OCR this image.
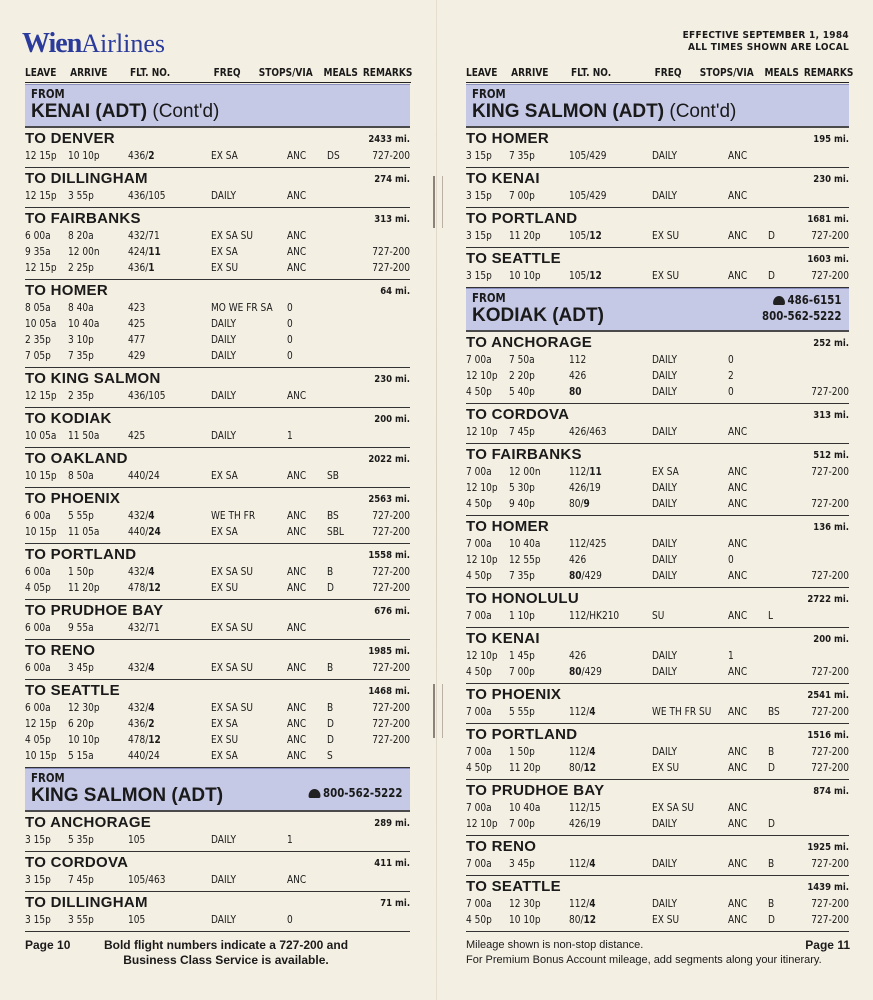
WienAirlines
LEAVE ARRIVE FLT. NO.	FREQ STOPS/VIA MEALS REMARKS
FROM
KENAI (ADT) (Cont'd)
TO DENVER	2433 mi.
12 15p 10 10p	436/2	EX SA	ANC DS	727-200
TO DILLINGHAM	274 mi.
12 15p 3 55p	436/105	DAILY	ANC
TO FAIRBANKS	313 mi.
6 00a 8 20a	432/71	EX SA SU	ANC
9 35a 12 00n	424/11	EX SA	ANC	727-200
12 15p 2 25p	436/1	EX SU	ANC	727-200
TO HOMER	64 mi.
8 05a 8 40a	423	MO WE FR SA 0
10 05a 10 40a	425	DAILY	0
2 35p 3 10p	477	DAILY	0
7 05p 7 35p	429	DAILY	0
TO KING SALMON	230 mi.
12 15p 2 35p	436/105	DAILY	ANC
TO KODIAK	200 mi.
10 05a 11 50a	425	DAILY	1
TO OAKLAND	2022 mi.
10 15p 8 50a	440/24	EX SA	ANC SB
TO PHOENIX	2563 mi.
6 00a 5 55p	432/4	WE TH FR	ANC BS	727-200
10 15p 11 05a	440/24	EX SA	ANC SBL	727-200
TO PORTLAND	1558 mi.
6 00a 1 50p	432/4	EX SA SU	ANC B	727-200
4 05p 11 20p	478/12	EX SU	ANC D	727-200
TO PRUDHOE BAY	676 mi.
6 00a 9 55a	432/71	EX SA SU	ANC
TO RENO	1985 mi.
6 00a 3 45p	432/4	EX SA SU	ANC B	727-200
TO SEATTLE	1468 mi.
6 00a 12 30p	432/4	EX SA SU	ANC B	727-200
12 15p 6 20p	436/2	EX SA	ANC D	727-200
4 05p 10 10p	478/12	EX SU	ANC D	727-200
10 15p 5 15a	440/24	EX SA	ANC S
FROM
KING SALMON (ADT)	800-562-5222
TO ANCHORAGE	289 mi.
3 15p 5 35p	105	DAILY	1
TO CORDOVA	411 mi.
3 15p 7 45p	105/463	DAILY	ANC
TO DILLINGHAM	71 mi.
3 15p 3 55p	105	DAILY	0
Page 10	Bold flight numbers indicate a 727-200 and Business Class Service is available.
EFFECTIVE SEPTEMBER 1, 1984
ALL TIMES SHOWN ARE LOCAL
LEAVE ARRIVE FLT. NO.	FREQ STOPS/VIA MEALS REMARKS
FROM
KING SALMON (ADT) (Cont'd)
TO HOMER	195 mi.
3 15p 7 35p	105/429	DAILY	ANC
TO KENAI	230 mi.
3 15p 7 00p	105/429	DAILY	ANC
TO PORTLAND	1681 mi.
3 15p 11 20p	105/12	EX SU	ANC D	727-200
TO SEATTLE	1603 mi.
3 15p 10 10p	105/12	EX SU	ANC D	727-200
FROM
KODIAK (ADT)
486-6151
800-562-5222
TO ANCHORAGE	252 mi.
7 00a 7 50a	112	DAILY	0
12 10p 2 20p	426	DAILY	2
4 50p 5 40p	80	DAILY	0	727-200
TO CORDOVA	313 mi.
12 10p 7 45p	426/463	DAILY	ANC
TO FAIRBANKS	512 mi.
7 00a 12 00n	112/11	EX SA	ANC	727-200
12 10p 5 30p	426/19	DAILY	ANC
4 50p 9 40p	80/9	DAILY	ANC	727-200
TO HOMER	136 mi.
7 00a 10 40a	112/425	DAILY	ANC
12 10p 12 55p	426	DAILY	0
4 50p 7 35p	80/429	DAILY	ANC	727-200
TO HONOLULU	2722 mi.
7 00a 1 10p	112/HK210	SU	ANC L
TO KENAI	200 mi.
12 10p 1 45p	426	DAILY	1
4 50p 7 00p	80/429	DAILY	ANC	727-200
TO PHOENIX	2541 mi.
7 00a 5 55p	112/4	WE TH FR SU ANC BS	727-200
TO PORTLAND	1516 mi.
7 00a 1 50p	112/4	DAILY	ANC B	727-200
4 50p 11 20p	80/12	EX SU	ANC D	727-200
TO PRUDHOE BAY	874 mi.
7 00a 10 40a	112/15	EX SA SU	ANC
12 10p 7 00p	426/19	DAILY	ANC D
TO RENO	1925 mi.
7 00a 3 45p	112/4	DAILY	ANC B	727-200
TO SEATTLE	1439 mi.
7 00a 12 30p	112/4	DAILY	ANC B	727-200
4 50p 10 10p	80/12	EX SU	ANC D	727-200
Page 11
Mileage shown is non-stop distance.
For Premium Bonus Account mileage, add segments along your itinerary.
